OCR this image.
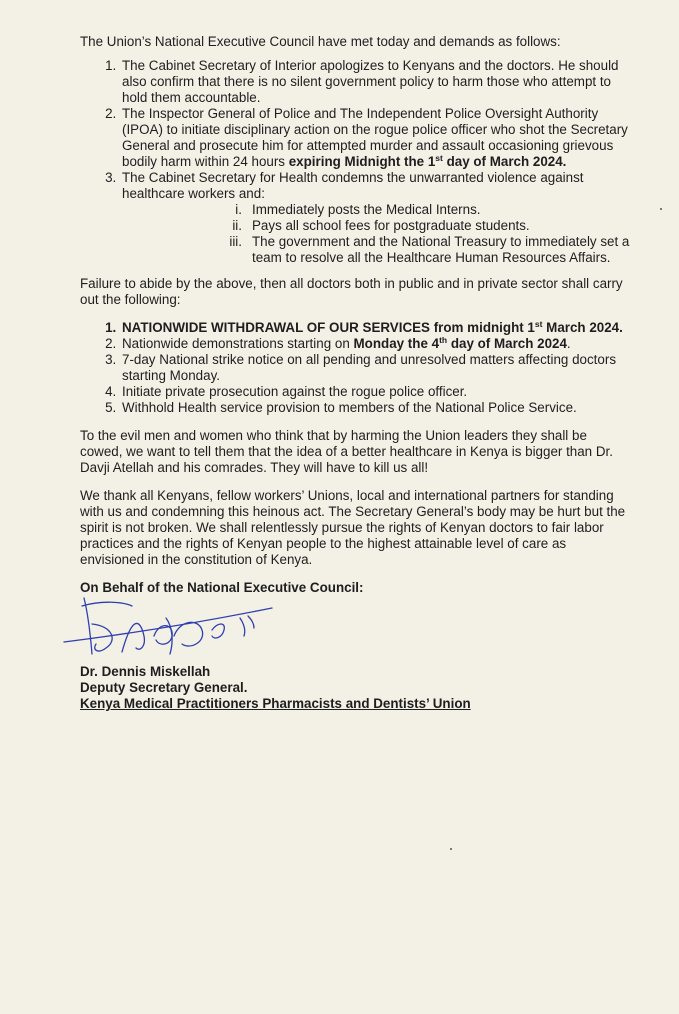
The Union’s National Executive Council have met today and demands as follows:

1. The Cabinet Secretary of Interior apologizes to Kenyans and the doctors. He should also confirm that there is no silent government policy to harm those who attempt to hold them accountable.
2. The Inspector General of Police and The Independent Police Oversight Authority (IPOA) to initiate disciplinary action on the rogue police officer who shot the Secretary General and prosecute him for attempted murder and assault occasioning grievous bodily harm within 24 hours expiring Midnight the 1st day of March 2024.
3. The Cabinet Secretary for Health condemns the unwarranted violence against healthcare workers and:
i. Immediately posts the Medical Interns.
ii. Pays all school fees for postgraduate students.
iii. The government and the National Treasury to immediately set a team to resolve all the Healthcare Human Resources Affairs.

Failure to abide by the above, then all doctors both in public and in private sector shall carry out the following:

1. NATIONWIDE WITHDRAWAL OF OUR SERVICES from midnight 1st March 2024.
2. Nationwide demonstrations starting on Monday the 4th day of March 2024.
3. 7-day National strike notice on all pending and unresolved matters affecting doctors starting Monday.
4. Initiate private prosecution against the rogue police officer.
5. Withhold Health service provision to members of the National Police Service.

To the evil men and women who think that by harming the Union leaders they shall be cowed, we want to tell them that the idea of a better healthcare in Kenya is bigger than Dr. Davji Atellah and his comrades. They will have to kill us all!

We thank all Kenyans, fellow workers’ Unions, local and international partners for standing with us and condemning this heinous act. The Secretary General’s body may be hurt but the spirit is not broken. We shall relentlessly pursue the rights of Kenyan doctors to fair labor practices and the rights of Kenyan people to the highest attainable level of care as envisioned in the constitution of Kenya.

On Behalf of the National Executive Council:

Dr. Dennis Miskellah
Deputy Secretary General.
Kenya Medical Practitioners Pharmacists and Dentists’ Union
